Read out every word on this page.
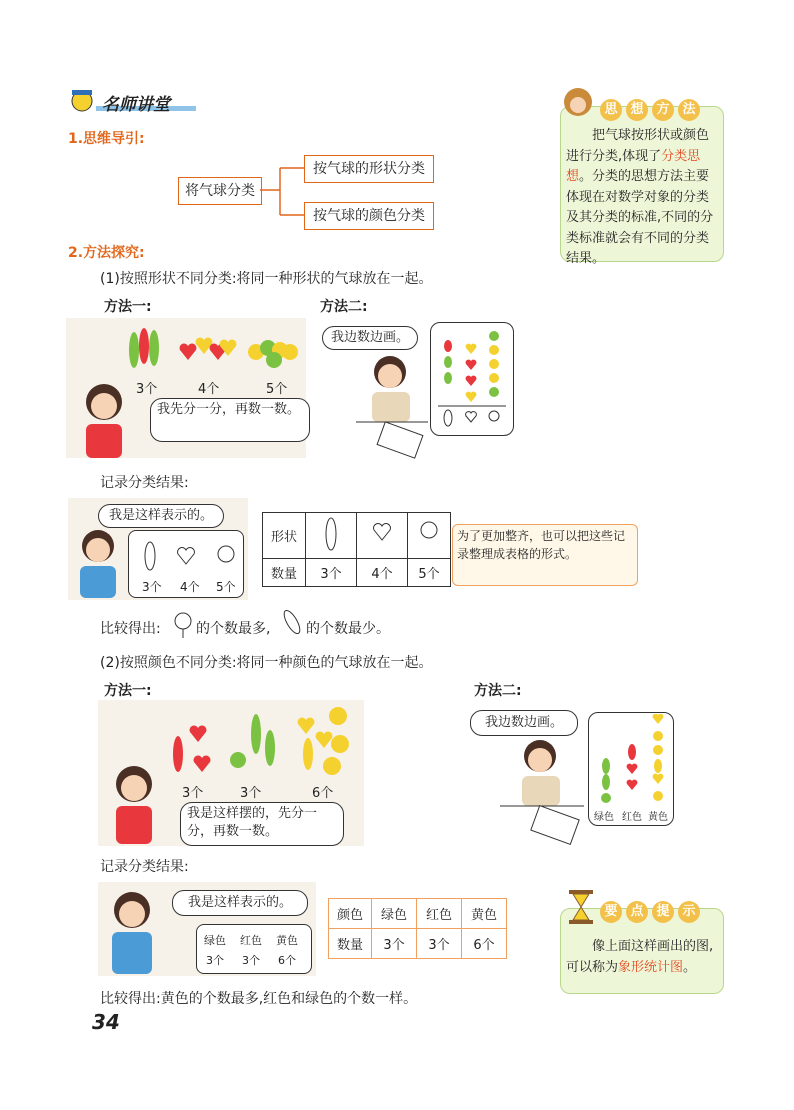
名师讲堂
1.思维导引:
将气球分类
按气球的形状分类
按气球的颜色分类
2.方法探究:
(1)按照形状不同分类:将同一种形状的气球放在一起。
方法一:	方法二:
3个	4个	5个
我先分一分，再数一数。
我边数边画。
记录分类结果:
我是这样表示的。
3个 4个 5个
形状			
数量	3个	4个	5个
为了更加整齐，也可以把这些记录整理成表格的形式。
比较得出:	的个数最多,	的个数最少。
(2)按照颜色不同分类:将同一种颜色的气球放在一起。
方法一:	方法二:
3个	3个	6个
我是这样摆的，先分一分，再数一数。
我边数边画。
绿色 红色 黄色
记录分类结果:
我是这样表示的。
绿色 红色 黄色
3个 3个 6个
颜色	绿色	红色	黄色
数量	3个	3个	6个
比较得出:黄色的个数最多,红色和绿色的个数一样。
34
思 想 方 法
把气球按形状或颜色进行分类,体现了分类思想。分类的思想方法主要体现在对数学对象的分类及其分类的标准,不同的分类标准就会有不同的分类结果。
要 点 提 示
像上面这样画出的图,可以称为象形统计图。
